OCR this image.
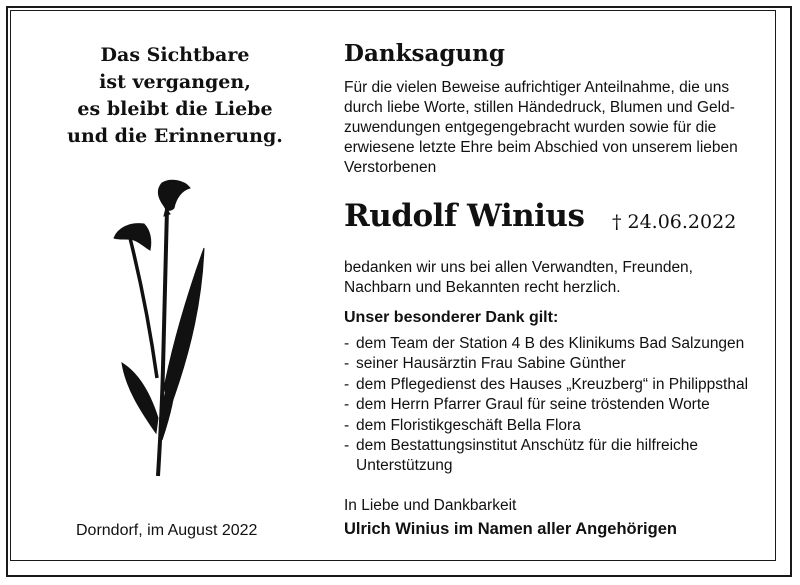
Das Sichtbare
ist vergangen,
es bleibt die Liebe
und die Erinnerung.
Dorndorf, im August 2022
Danksagung
Für die vielen Beweise aufrichtiger Anteilnahme, die uns
durch liebe Worte, stillen Händedruck, Blumen und Geld-
zuwendungen entgegengebracht wurden sowie für die
erwiesene letzte Ehre beim Abschied von unserem lieben
Verstorbenen
Rudolf Winius † 24.06.2022
bedanken wir uns bei allen Verwandten, Freunden,
Nachbarn und Bekannten recht herzlich.
Unser besonderer Dank gilt:
- dem Team der Station 4 B des Klinikums Bad Salzungen
- seiner Hausärztin Frau Sabine Günther
- dem Pflegedienst des Hauses „Kreuzberg“ in Philippsthal
- dem Herrn Pfarrer Graul für seine tröstenden Worte
- dem Floristikgeschäft Bella Flora
- dem Bestattungsinstitut Anschütz für die hilfreiche
Unterstützung
In Liebe und Dankbarkeit
Ulrich Winius im Namen aller Angehörigen
